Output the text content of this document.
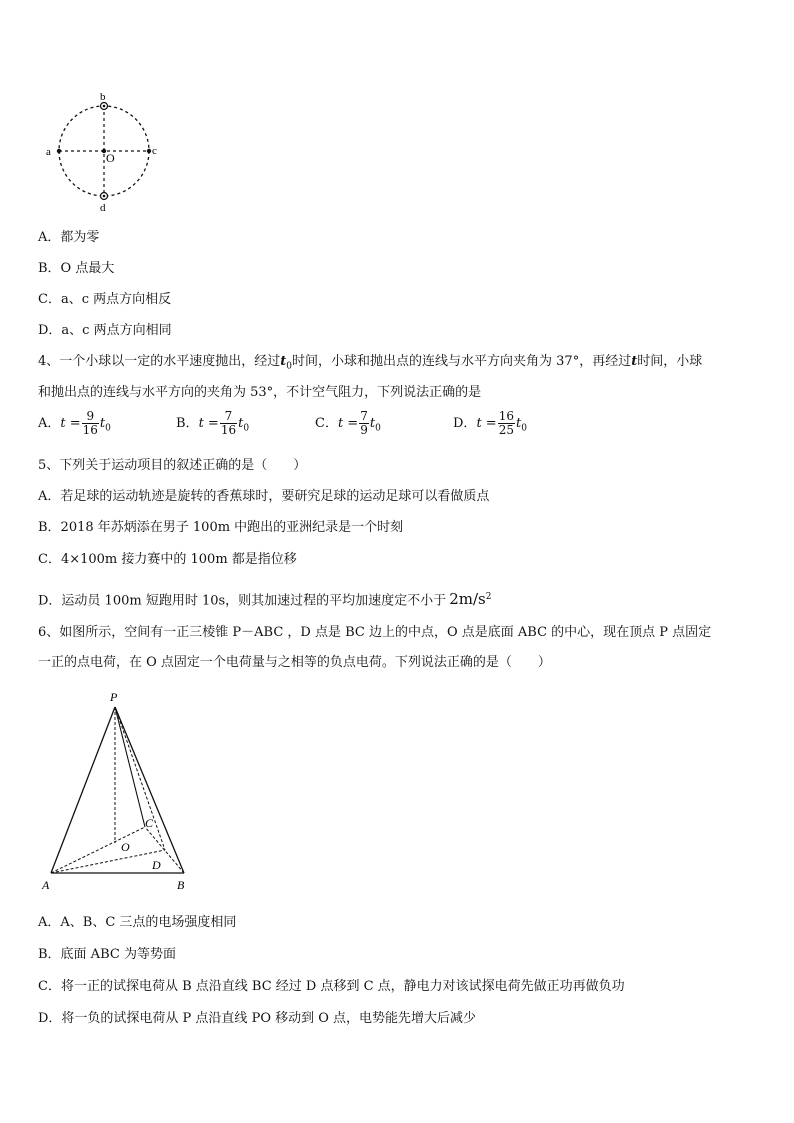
b
a	c
O
d
A．都为零
B．O 点最大
C．a、c 两点方向相反
D．a、c 两点方向相同
4、一个小球以一定的水平速度抛出，经过$t_0$时间，小球和抛出点的连线与水平方向夹角为 37°，再经过t时间，小球
和抛出点的连线与水平方向的夹角为 53°，不计空气阻力，下列说法正确的是
A．$t = \frac{9}{16} t_0$	B．$t = \frac{7}{16} t_0$	C．$t = \frac{7}{9} t_0$	D．$t = \frac{16}{25} t_0$
5、下列关于运动项目的叙述正确的是（　　）
A．若足球的运动轨迹是旋转的香蕉球时，要研究足球的运动足球可以看做质点
B．2018 年苏炳添在男子 100m 中跑出的亚洲纪录是一个时刻
C．4×100m 接力赛中的 100m 都是指位移
D．运动员 100m 短跑用时 10s，则其加速过程的平均加速度定不小于 $2m/s^2$
6、如图所示，空间有一正三棱锥 P－ABC ，D 点是 BC 边上的中点，O 点是底面 ABC 的中心，现在顶点 P 点固定
一正的点电荷，在 O 点固定一个电荷量与之相等的负点电荷。下列说法正确的是（　　）
P
A	B
C
D
O
A．A、B、C 三点的电场强度相同
B．底面 ABC 为等势面
C．将一正的试探电荷从 B 点沿直线 BC 经过 D 点移到 C 点，静电力对该试探电荷先做正功再做负功
D．将一负的试探电荷从 P 点沿直线 PO 移动到 O 点，电势能先增大后减少
